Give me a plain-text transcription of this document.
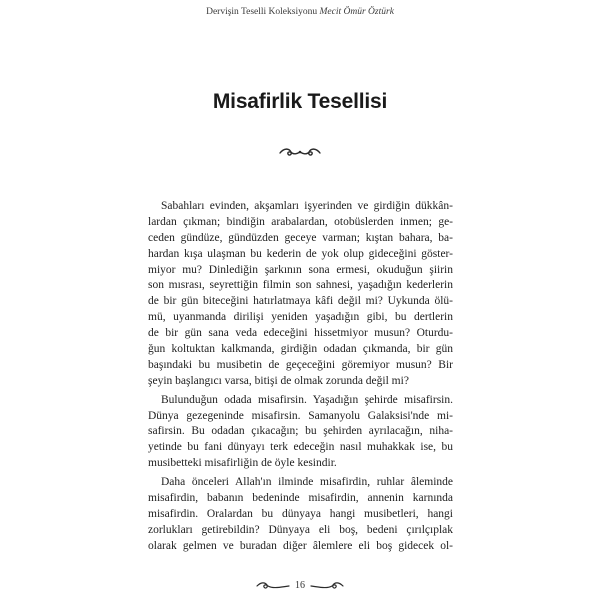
Dervişin Teselli Koleksiyonu Mecit Ömür Öztürk
Misafirlik Tesellisi

Sabahları evinden, akşamları işyerinden ve girdiğin dükkân-
lardan çıkman; bindiğin arabalardan, otobüslerden inmen; ge-
ceden gündüze, gündüzden geceye varman; kıştan bahara, ba-
hardan kışa ulaşman bu kederin de yok olup gideceğini göster-
miyor mu? Dinlediğin şarkının sona ermesi, okuduğun şiirin
son mısrası, seyrettiğin filmin son sahnesi, yaşadığın kederlerin
de bir gün biteceğini hatırlatmaya kâfi değil mi? Uykunda ölü-
mü, uyanmanda dirilişi yeniden yaşadığın gibi, bu dertlerin
de bir gün sana veda edeceğini hissetmiyor musun? Oturdu-
ğun koltuktan kalkmanda, girdiğin odadan çıkmanda, bir gün
başındaki bu musibetin de geçeceğini göremiyor musun? Bir
şeyin başlangıcı varsa, bitişi de olmak zorunda değil mi?

Bulunduğun odada misafirsin. Yaşadığın şehirde misafirsin.
Dünya gezegeninde misafirsin. Samanyolu Galaksisi'nde mi-
safirsin. Bu odadan çıkacağın; bu şehirden ayrılacağın, niha-
yetinde bu fani dünyayı terk edeceğin nasıl muhakkak ise, bu
musibetteki misafirliğin de öyle kesindir.

Daha önceleri Allah'ın ilminde misafirdin, ruhlar âleminde
misafirdin, babanın bedeninde misafirdin, annenin karnında
misafirdin. Oralardan bu dünyaya hangi musibetleri, hangi
zorlukları getirebildin? Dünyaya eli boş, bedeni çırılçıplak
olarak gelmen ve buradan diğer âlemlere eli boş gidecek ol-

16
